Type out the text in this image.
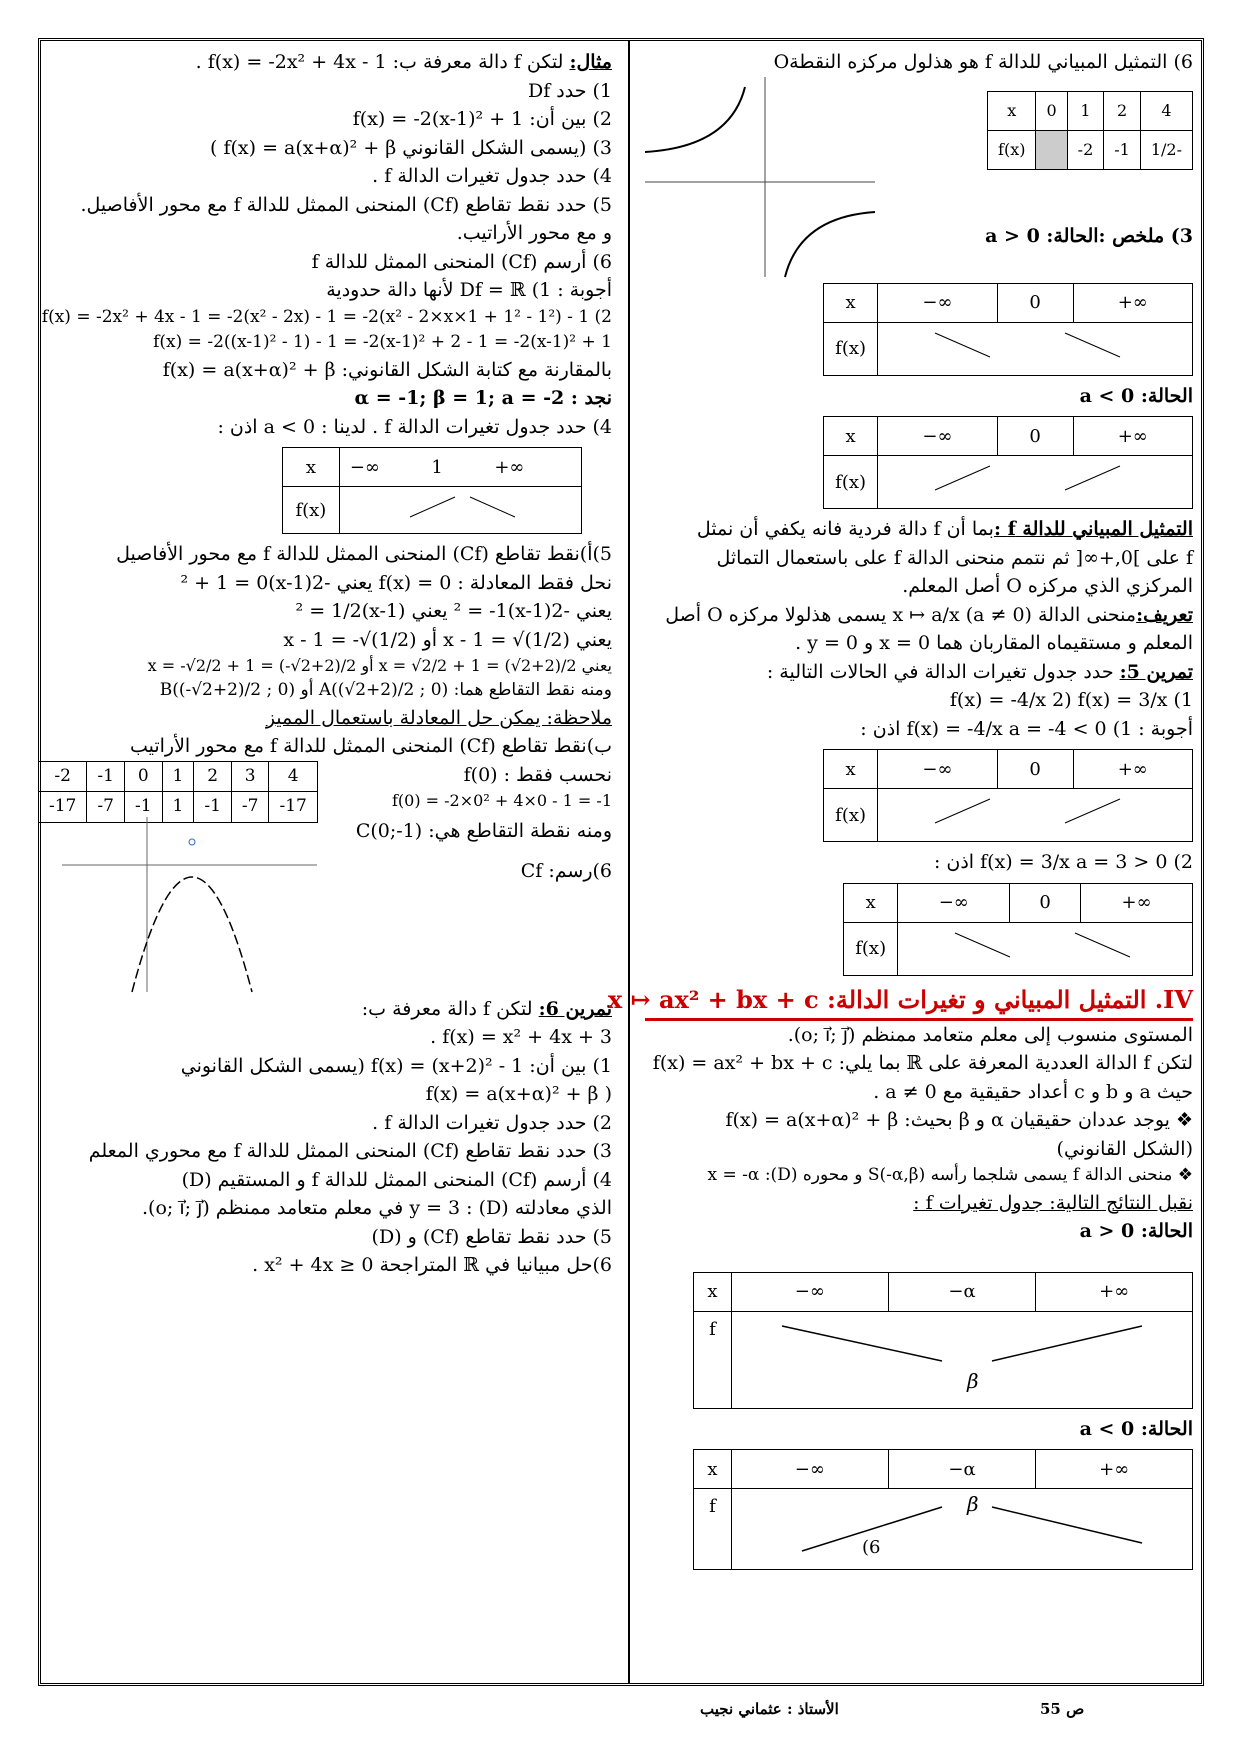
مثال: لتكن f دالة معرفة ب: f(x) = -2x² + 4x - 1 .
1) حدد Df
2) بين أن: f(x) = -2(x-1)² + 1
3) (يسمى الشكل القانوني f(x) = a(x+α)² + β )
4) حدد جدول تغيرات الدالة f .
5) حدد نقط تقاطع (Cf) المنحنى الممثل للدالة f مع محور الأفاصيل.
و مع محور الأراتيب.
6) أرسم (Cf) المنحنى الممثل للدالة f
أجوبة : 1) Df = ℝ لأنها دالة حدودية
f(x) = -2x² + 4x - 1 = -2(x² - 2x) - 1 = -2(x² - 2×x×1 + 1² - 1²) - 1 (2
f(x) = -2((x-1)² - 1) - 1 = -2(x-1)² + 2 - 1 = -2(x-1)² + 1
بالمقارنة مع كتابة الشكل القانوني: f(x) = a(x+α)² + β
نجد : α = -1; β = 1; a = -2
4) حدد جدول تغيرات الدالة f . لدينا : a < 0 اذن :
x	−∞ 1 +∞
f(x)	
5)أ)نقط تقاطع (Cf) المنحنى الممثل للدالة f مع محور الأفاصيل
نحل فقط المعادلة : f(x) = 0 يعني -2(x-1)² + 1 = 0
يعني -2(x-1)² = -1 يعني (x-1)² = 1/2
يعني x - 1 = √(1/2) أو x - 1 = -√(1/2)
يعني x = √2/2 + 1 = (√2+2)/2 أو x = -√2/2 + 1 = (-√2+2)/2
ومنه نقط التقاطع هما: A((√2+2)/2 ; 0) أو B((-√2+2)/2 ; 0)
ملاحظة: يمكن حل المعادلة باستعمال المميز
ب)نقط تقاطع (Cf) المنحنى الممثل للدالة f مع محور الأراتيب
-2	-1	0	1	2	3	4
-17	-7	-1	1	-1	-7	-17
نحسب فقط : f(0)
f(0) = -2×0² + 4×0 - 1 = -1
ومنه نقطة التقاطع هي: C(0;-1)
6)رسم: Cf
تمرين 6: لتكن f دالة معرفة ب:
f(x) = x² + 4x + 3 .
1) بين أن: f(x) = (x+2)² - 1 (يسمى الشكل القانوني
( f(x) = a(x+α)² + β
2) حدد جدول تغيرات الدالة f .
3) حدد نقط تقاطع (Cf) المنحنى الممثل للدالة f مع محوري المعلم
4) أرسم (Cf) المنحنى الممثل للدالة f و المستقيم (D)
الذي معادلته (D) : y = 3 في معلم متعامد ممنظم (o; i⃗; j⃗).
5) حدد نقط تقاطع (Cf) و (D)
6)حل مبيانيا في ℝ المتراجحة x² + 4x ≥ 0 .
6) التمثيل المبياني للدالة f هو هذلول مركزه النقطةO
x	0	1	2	4
f(x)		-2	-1	1/2-
3) ملخص :الحالة: a > 0
x	−∞	0	+∞
f(x)	
الحالة: a < 0
x	−∞	0	+∞
f(x)	
التمثيل المبياني للدالة f :بما أن f دالة فردية فانه يكفي أن نمثل
f على ]0,+∞[ ثم نتمم منحنى الدالة f على باستعمال التماثل
المركزي الذي مركزه O أصل المعلم.
تعريف:منحنى الدالة x ↦ a/x (a ≠ 0) يسمى هذلولا مركزه O أصل
المعلم و مستقيماه المقاربان هما x = 0 و y = 0 .
تمرين 5: حدد جدول تغيرات الدالة في الحالات التالية :
1) f(x) = -4/x 2) f(x) = 3/x
أجوبة : 1) f(x) = -4/x a = -4 < 0 اذن :
x	−∞	0	+∞
f(x)	
2) f(x) = 3/x a = 3 > 0 اذن :
x	−∞	0	+∞
f(x)	
IV. التمثيل المبياني و تغيرات الدالة: x ↦ ax² + bx + c
المستوى منسوب إلى معلم متعامد ممنظم (o; i⃗; j⃗).
لتكن f الدالة العددية المعرفة على ℝ بما يلي: f(x) = ax² + bx + c
حيث a و b و c أعداد حقيقية مع a ≠ 0 .
❖ يوجد عددان حقيقيان α و β بحيث: f(x) = a(x+α)² + β
(الشكل القانوني)
❖ منحنى الدالة f يسمى شلجما رأسه S(-α,β) و محوره (D): x = -α
نقبل النتائج التالية: جدول تغيرات f :
الحالة: a > 0
x	−∞	−α	+∞
f	β		
الحالة: a < 0
x	−∞	−α	+∞
f	β
(6		
ص 55
الأستاذ : عثماني نجيب
